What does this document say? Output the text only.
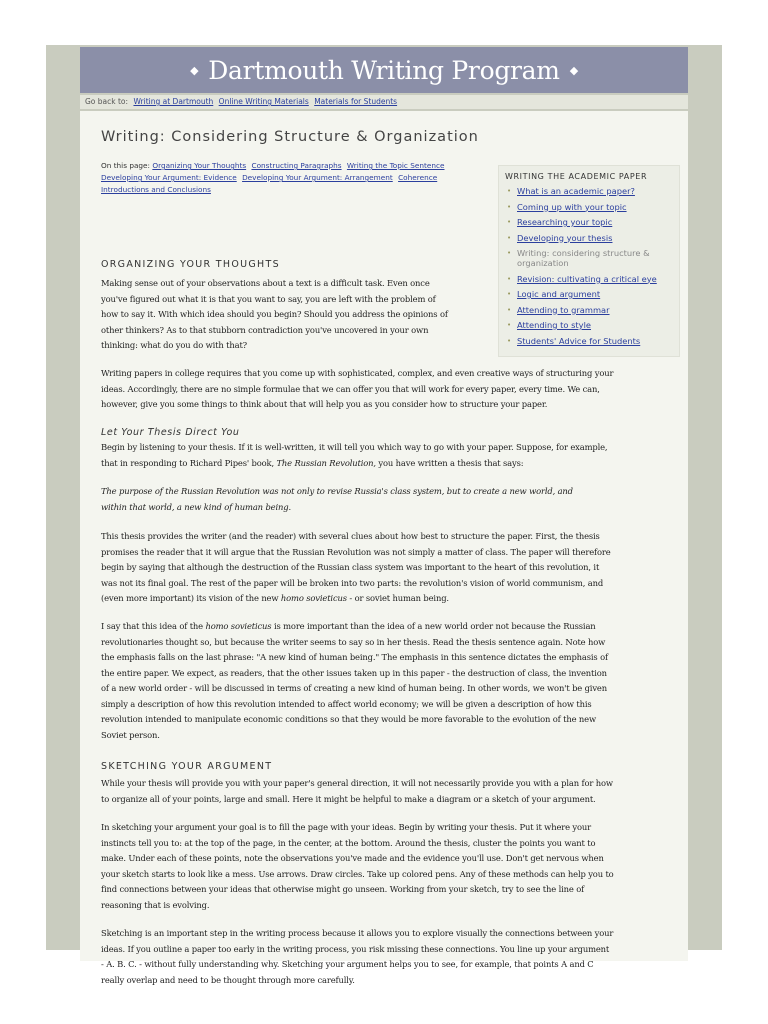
◆ Dartmouth Writing Program ◆
Go back to: Writing at Dartmouth Online Writing Materials Materials for Students
Writing: Considering Structure & Organization
On this page: Organizing Your Thoughts Constructing Paragraphs Writing the Topic Sentence
Developing Your Argument: Evidence Developing Your Argument: Arrangement Coherence
Introductions and Conclusions
WRITING THE ACADEMIC PAPER
• What is an academic paper?
• Coming up with your topic
• Researching your topic
• Developing your thesis
• Writing: considering structure & organization
• Revision: cultivating a critical eye
• Logic and argument
• Attending to grammar
• Attending to style
• Students' Advice for Students
ORGANIZING YOUR THOUGHTS

Making sense out of your observations about a text is a difficult task. Even once
you've figured out what it is that you want to say, you are left with the problem of
how to say it. With which idea should you begin? Should you address the opinions of
other thinkers? As to that stubborn contradiction you've uncovered in your own
thinking: what do you do with that?

Writing papers in college requires that you come up with sophisticated, complex, and even creative ways of structuring your
ideas. Accordingly, there are no simple formulae that we can offer you that will work for every paper, every time. We can,
however, give you some things to think about that will help you as you consider how to structure your paper.

Let Your Thesis Direct You

Begin by listening to your thesis. If it is well-written, it will tell you which way to go with your paper. Suppose, for example,
that in responding to Richard Pipes' book, The Russian Revolution, you have written a thesis that says:

The purpose of the Russian Revolution was not only to revise Russia's class system, but to create a new world, and
within that world, a new kind of human being.

This thesis provides the writer (and the reader) with several clues about how best to structure the paper. First, the thesis
promises the reader that it will argue that the Russian Revolution was not simply a matter of class. The paper will therefore
begin by saying that although the destruction of the Russian class system was important to the heart of this revolution, it
was not its final goal. The rest of the paper will be broken into two parts: the revolution's vision of world communism, and
(even more important) its vision of the new homo sovieticus - or soviet human being.

I say that this idea of the homo sovieticus is more important than the idea of a new world order not because the Russian
revolutionaries thought so, but because the writer seems to say so in her thesis. Read the thesis sentence again. Note how
the emphasis falls on the last phrase: "A new kind of human being." The emphasis in this sentence dictates the emphasis of
the entire paper. We expect, as readers, that the other issues taken up in this paper - the destruction of class, the invention
of a new world order - will be discussed in terms of creating a new kind of human being. In other words, we won't be given
simply a description of how this revolution intended to affect world economy; we will be given a description of how this
revolution intended to manipulate economic conditions so that they would be more favorable to the evolution of the new
Soviet person.

SKETCHING YOUR ARGUMENT

While your thesis will provide you with your paper's general direction, it will not necessarily provide you with a plan for how
to organize all of your points, large and small. Here it might be helpful to make a diagram or a sketch of your argument.

In sketching your argument your goal is to fill the page with your ideas. Begin by writing your thesis. Put it where your
instincts tell you to: at the top of the page, in the center, at the bottom. Around the thesis, cluster the points you want to
make. Under each of these points, note the observations you've made and the evidence you'll use. Don't get nervous when
your sketch starts to look like a mess. Use arrows. Draw circles. Take up colored pens. Any of these methods can help you to
find connections between your ideas that otherwise might go unseen. Working from your sketch, try to see the line of
reasoning that is evolving.

Sketching is an important step in the writing process because it allows you to explore visually the connections between your
ideas. If you outline a paper too early in the writing process, you risk missing these connections. You line up your argument
- A. B. C. - without fully understanding why. Sketching your argument helps you to see, for example, that points A and C
really overlap and need to be thought through more carefully.
